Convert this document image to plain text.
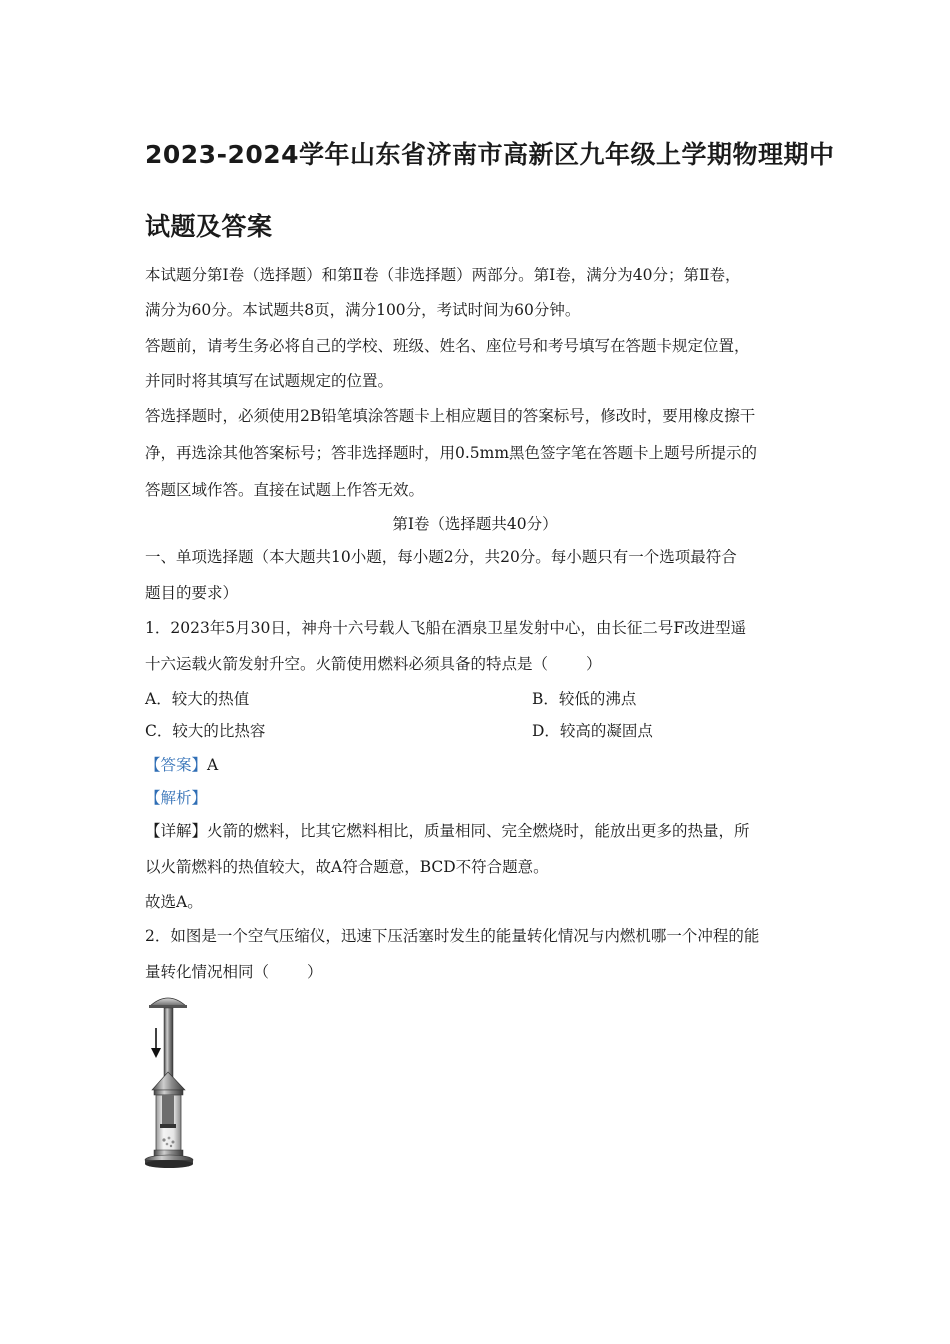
2023-2024学年山东省济南市高新区九年级上学期物理期中
试题及答案

本试题分第Ⅰ卷（选择题）和第Ⅱ卷（非选择题）两部分。第Ⅰ卷，满分为40分；第Ⅱ卷，

满分为60分。本试题共8页，满分100分，考试时间为60分钟。

答题前，请考生务必将自己的学校、班级、姓名、座位号和考号填写在答题卡规定位置，

并同时将其填写在试题规定的位置。

答选择题时，必须使用2B铅笔填涂答题卡上相应题目的答案标号，修改时，要用橡皮擦干

净，再选涂其他答案标号；答非选择题时，用0.5mm黑色签字笔在答题卡上题号所提示的

答题区域作答。直接在试题上作答无效。

第Ⅰ卷（选择题共40分）

一、单项选择题（本大题共10小题，每小题2分，共20分。每小题只有一个选项最符合

题目的要求）

1．2023年5月30日，神舟十六号载人飞船在酒泉卫星发射中心，由长征二号F改进型遥

十六运载火箭发射升空。火箭使用燃料必须具备的特点是（ ）

A．较大的热值	B．较低的沸点
C．较大的比热容	D．较高的凝固点

【答案】A

【解析】

【详解】火箭的燃料，比其它燃料相比，质量相同、完全燃烧时，能放出更多的热量，所

以火箭燃料的热值较大，故A符合题意，BCD不符合题意。

故选A。

2．如图是一个空气压缩仪，迅速下压活塞时发生的能量转化情况与内燃机哪一个冲程的能

量转化情况相同（ ）
